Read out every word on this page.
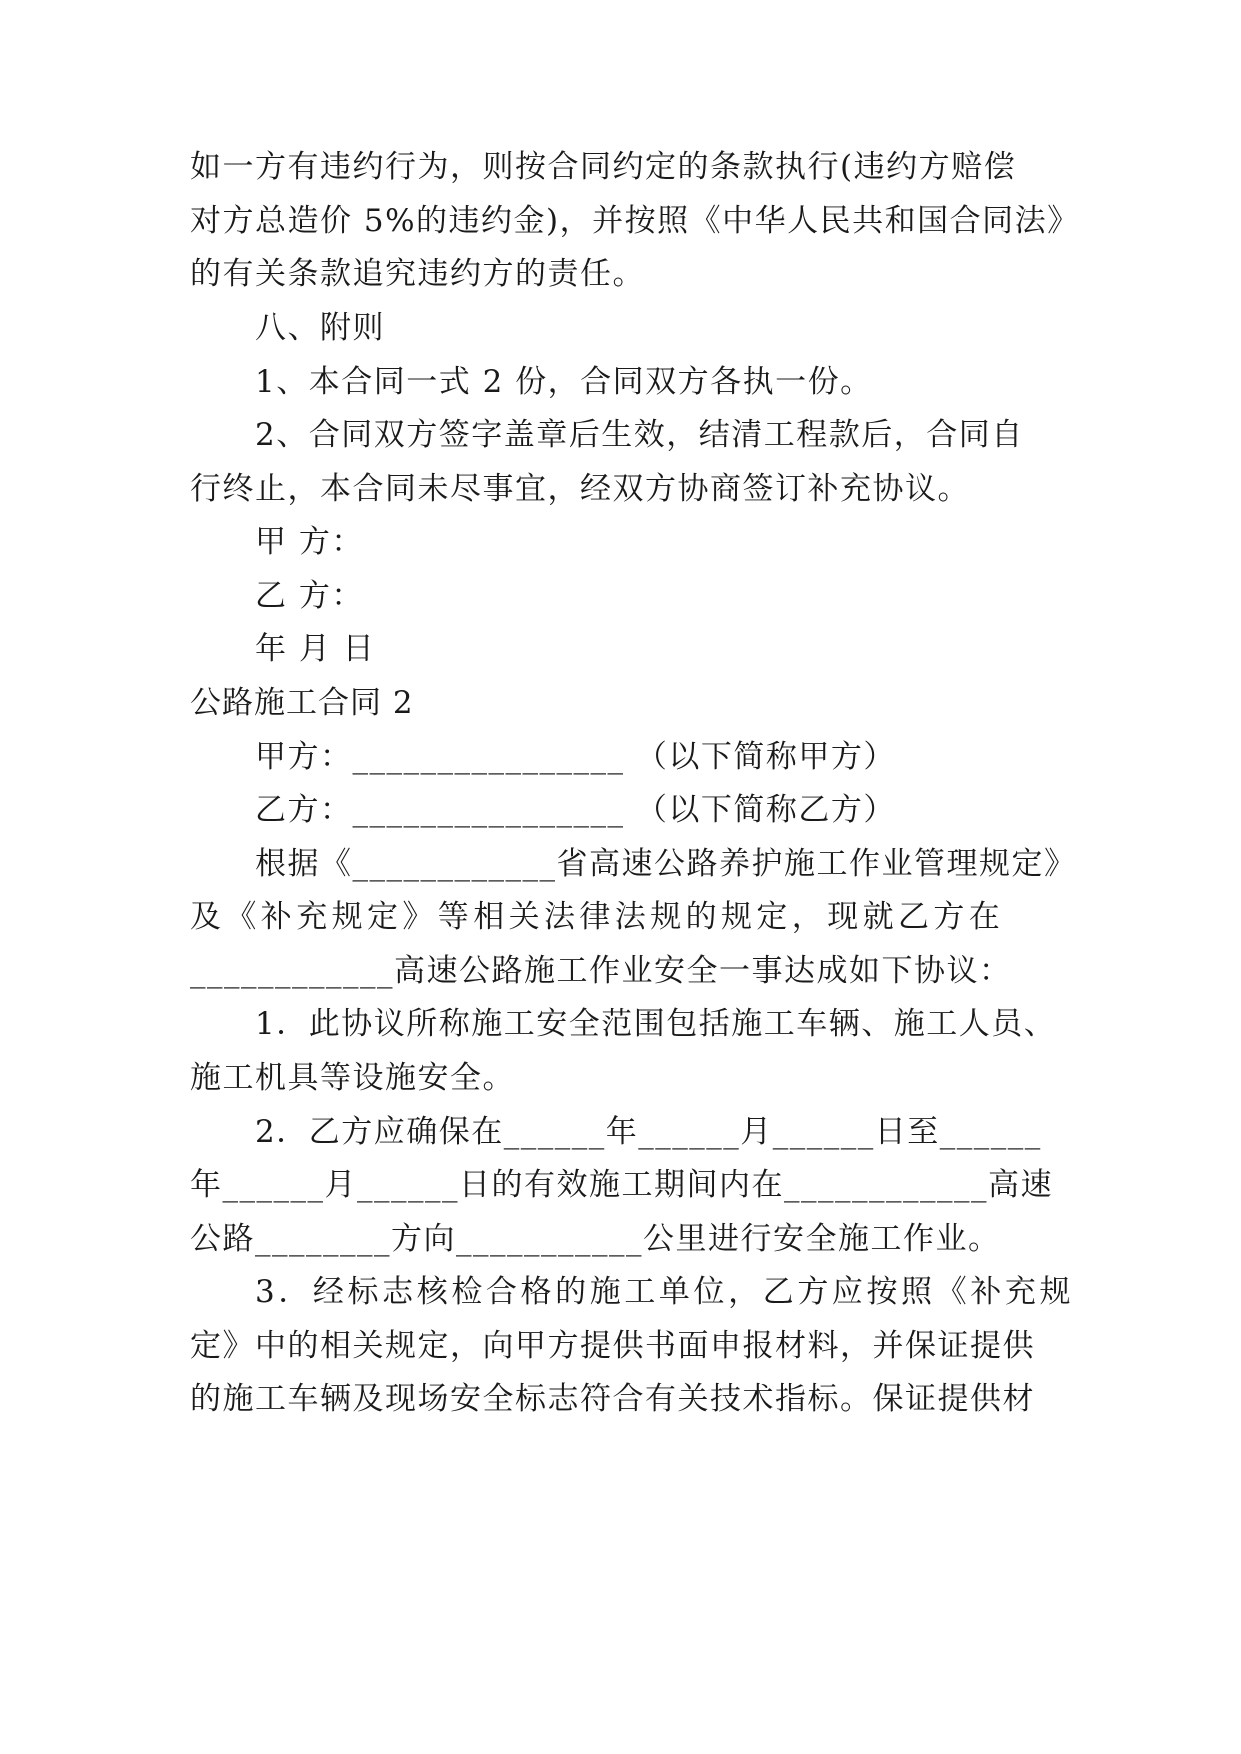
如一方有违约行为，则按合同约定的条款执行(违约方赔偿
对方总造价 5%的违约金)，并按照《中华人民共和国合同法》
的有关条款追究违约方的责任。
八、附则
1、本合同一式 2 份，合同双方各执一份。
2、合同双方签字盖章后生效，结清工程款后，合同自
行终止，本合同未尽事宜，经双方协商签订补充协议。
甲 方：
乙 方：
年 月 日
公路施工合同 2
甲方：________________ （以下简称甲方）
乙方：________________ （以下简称乙方）
根据《____________省高速公路养护施工作业管理规定》
及《补充规定》等相关法律法规的规定，现就乙方在
____________高速公路施工作业安全一事达成如下协议：
1．此协议所称施工安全范围包括施工车辆、施工人员、
施工机具等设施安全。
2．乙方应确保在______年______月______日至______
年______月______日的有效施工期间内在____________高速
公路________方向___________公里进行安全施工作业。
3．经标志核检合格的施工单位，乙方应按照《补充规
定》中的相关规定，向甲方提供书面申报材料，并保证提供
的施工车辆及现场安全标志符合有关技术指标。保证提供材
